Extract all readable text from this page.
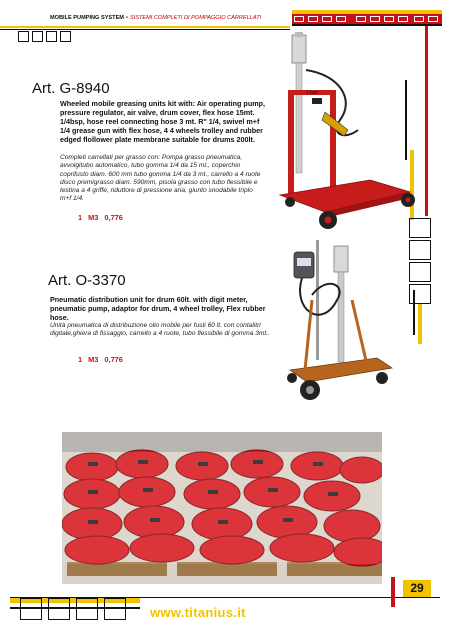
MOBILE PUMPING SYSTEM • SISTEMI COMPLETI DI POMPAGGIO CARRELLATI
Art. G-8940
Wheeled mobile greasing units kit with: Air operating pump, pressure regulator, air valve, drum cover, flex hose 15mt. 1/4bsp, hose reel connecting hose 3 mt. R" 1/4, swivel m+f 1/4 grease gun with flex hose, 4 4 wheels trolley and rubber edged flollower plate membrane suitable for drums 200lt.
Completi carrellati per grasso con: Pompa grasso pneumatica, avvolgitubo automatico, tubo gomma 1/4 da 15 mt., coperchio coprifusto diam. 600 mm tubo gomma 1/4 da 3 mt., carrello a 4 ruote disco premigrasso diam. 590mm, pisola grasso con tubo flessibile e testina a 4 griffe, riduttore di pressione aria, giunto snodabile triplo m+f 1/4.
1 M3 0,776
7 bar
Art. O-3370
Pneumatic distribution unit for drum 60lt. with digit meter, pneumatic pump, adaptor for drum, 4 wheel trolley, Flex rubber hose.
Unità pneumatica di distribuzione olio mobile per fusti 60 lt. con contalitri digitale,ghiera di fissaggio, carrello a 4 ruote, tubo flessibile di gomma 3mt..
1 M3 0,776
29
www.titanius.it
